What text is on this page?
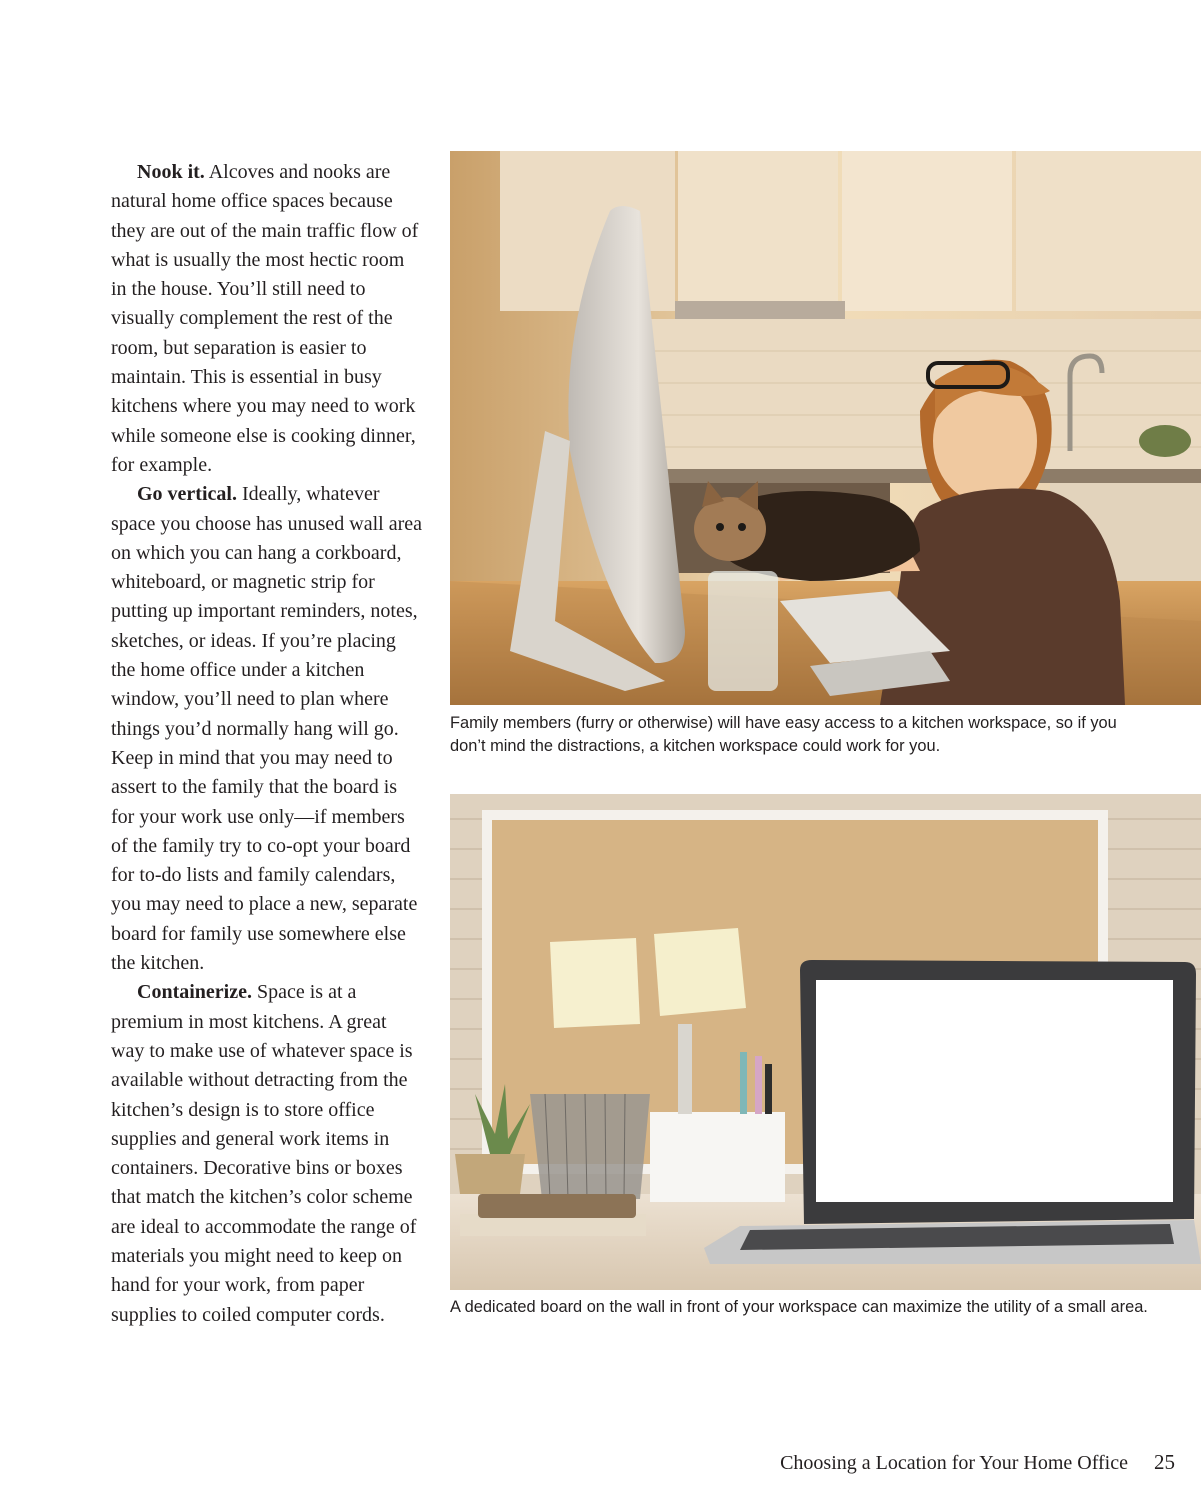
Nook it. Alcoves and nooks are natural home office spaces because they are out of the main traffic flow of what is usually the most hectic room in the house. You’ll still need to visually complement the rest of the room, but separation is easier to maintain. This is essential in busy kitchens where you may need to work while someone else is cooking dinner, for example.

Go vertical. Ideally, whatever space you choose has unused wall area on which you can hang a corkboard, whiteboard, or magnetic strip for putting up important reminders, notes, sketches, or ideas. If you’re placing the home office under a kitchen window, you’ll need to plan where things you’d normally hang will go. Keep in mind that you may need to assert to the family that the board is for your work use only—if members of the family try to co-opt your board for to-do lists and family calendars, you may need to place a new, separate board for family use somewhere else the kitchen.

Containerize. Space is at a premium in most kitchens. A great way to make use of whatever space is available without detracting from the kitchen’s design is to store office supplies and general work items in containers. Decorative bins or boxes that match the kitchen’s color scheme are ideal to accommodate the range of materials you might need to keep on hand for your work, from paper supplies to coiled computer cords.

Family members (furry or otherwise) will have easy access to a kitchen workspace, so if you don’t mind the distractions, a kitchen workspace could work for you.
A dedicated board on the wall in front of your workspace can maximize the utility of a small area.
Choosing a Location for Your Home Office 25
